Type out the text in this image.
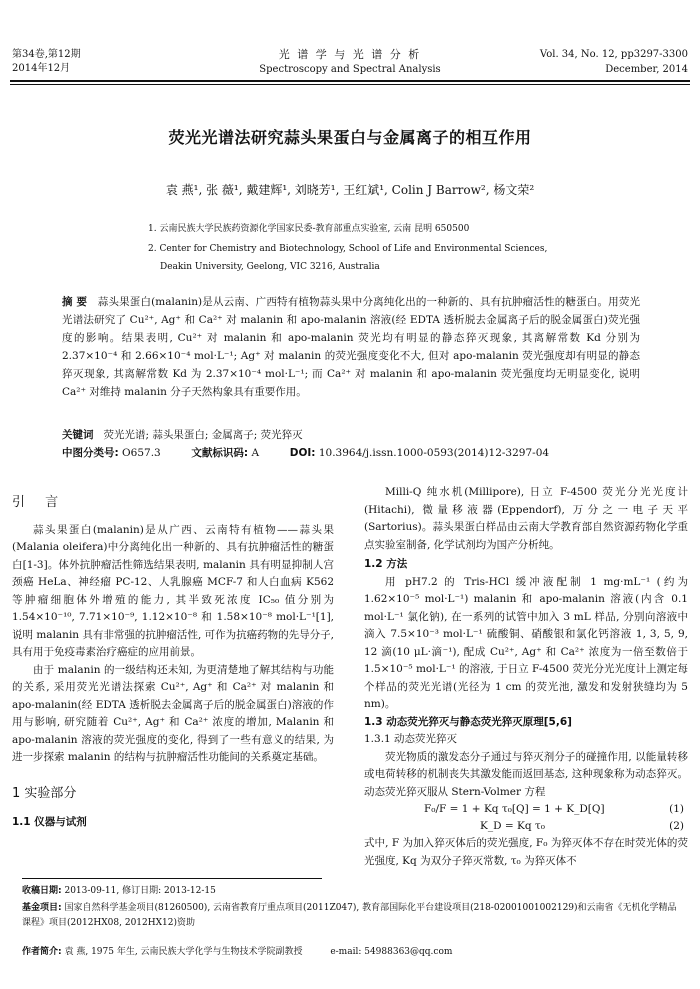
第34卷,第12期
2014年12月
光 谱 学 与 光 谱 分 析
Spectroscopy and Spectral Analysis
Vol. 34, No. 12, pp3297-3300
December, 2014
荧光光谱法研究蒜头果蛋白与金属离子的相互作用
袁 燕¹, 张 薇¹, 戴建辉¹, 刘晓芳¹, 王红斌¹, Colin J Barrow², 杨文荣²
1. 云南民族大学民族药资源化学国家民委-教育部重点实验室, 云南 昆明 650500
2. Center for Chemistry and Biotechnology, School of Life and Environmental Sciences,
Deakin University, Geelong, VIC 3216, Australia
摘 要 蒜头果蛋白(malanin)是从云南、广西特有植物蒜头果中分离纯化出的一种新的、具有抗肿瘤活性的糖蛋白。用荧光光谱法研究了 Cu²⁺, Ag⁺ 和 Ca²⁺ 对 malanin 和 apo-malanin 溶液(经 EDTA 透析脱去金属离子后的脱金属蛋白)荧光强度的影响。结果表明, Cu²⁺ 对 malanin 和 apo-malanin 荧光均有明显的静态猝灭现象, 其离解常数 Kd 分别为 2.37×10⁻⁴ 和 2.66×10⁻⁴ mol·L⁻¹; Ag⁺ 对 malanin 的荧光强度变化不大, 但对 apo-malanin 荧光强度却有明显的静态猝灭现象, 其离解常数 Kd 为 2.37×10⁻⁴ mol·L⁻¹; 而 Ca²⁺ 对 malanin 和 apo-malanin 荧光强度均无明显变化, 说明 Ca²⁺ 对维持 malanin 分子天然构象具有重要作用。
关键词 荧光光谱; 蒜头果蛋白; 金属离子; 荧光猝灭
中图分类号: O657.3	文献标识码: A	DOI: 10.3964/j.issn.1000-0593(2014)12-3297-04
引 言

蒜头果蛋白(malanin)是从广西、云南特有植物——蒜头果(Malania oleifera)中分离纯化出一种新的、具有抗肿瘤活性的糖蛋白[1-3]。体外抗肿瘤活性筛选结果表明, malanin 具有明显抑制人宫颈癌 HeLa、神经瘤 PC-12、人乳腺癌 MCF-7 和人白血病 K562 等肿瘤细胞体外增殖的能力, 其半致死浓度 IC₅₀ 值分别为 1.54×10⁻¹⁰, 7.71×10⁻⁹, 1.12×10⁻⁸ 和 1.58×10⁻⁸ mol·L⁻¹[1], 说明 malanin 具有非常强的抗肿瘤活性, 可作为抗癌药物的先导分子, 具有用于免疫毒素治疗癌症的应用前景。

由于 malanin 的一级结构还未知, 为更清楚地了解其结构与功能的关系, 采用荧光光谱法探索 Cu²⁺, Ag⁺ 和 Ca²⁺ 对 malanin 和 apo-malanin(经 EDTA 透析脱去金属离子后的脱金属蛋白)溶液的作用与影响, 研究随着 Cu²⁺, Ag⁺ 和 Ca²⁺ 浓度的增加, Malanin 和 apo-malanin 溶液的荧光强度的变化, 得到了一些有意义的结果, 为进一步探索 malanin 的结构与抗肿瘤活性功能间的关系奠定基础。

1 实验部分
1.1 仪器与试剂

Milli-Q 纯水机(Millipore), 日立 F-4500 荧光分光光度计(Hitachi), 微量移液器(Eppendorf), 万分之一电子天平(Sartorius)。蒜头果蛋白样品由云南大学教育部自然资源药物化学重点实验室制备, 化学试剂均为国产分析纯。

1.2 方法

用 pH7.2 的 Tris-HCl 缓冲液配制 1 mg·mL⁻¹ (约为 1.62×10⁻⁵ mol·L⁻¹) malanin 和 apo-malanin 溶液(内含 0.1 mol·L⁻¹ 氯化钠), 在一系列的试管中加入 3 mL 样品, 分别向溶液中滴入 7.5×10⁻³ mol·L⁻¹ 硫酸铜、硝酸银和氯化钙溶液 1, 3, 5, 9, 12 滴(10 μL·滴⁻¹), 配成 Cu²⁺, Ag⁺ 和 Ca²⁺ 浓度为一倍至数倍于 1.5×10⁻⁵ mol·L⁻¹ 的溶液, 于日立 F-4500 荧光分光光度计上测定每个样品的荧光光谱(光径为 1 cm 的荧光池, 激发和发射狭缝均为 5 nm)。

1.3 动态荧光猝灭与静态荧光猝灭原理[5,6]
1.3.1 动态荧光猝灭

荧光物质的激发态分子通过与猝灭剂分子的碰撞作用, 以能量转移或电荷转移的机制丧失其激发能而返回基态, 这种现象称为动态猝灭。动态荧光猝灭服从 Stern-Volmer 方程

F₀/F = 1 + Kq τ₀[Q] = 1 + K_D[Q]	(1)
K_D = Kq τ₀	(2)

式中, F 为加入猝灭体后的荧光强度, F₀ 为猝灭体不存在时荧光体的荧光强度, Kq 为双分子猝灭常数, τ₀ 为猝灭体不

收稿日期: 2013-09-11, 修订日期: 2013-12-15
基金项目: 国家自然科学基金项目(81260500), 云南省教育厅重点项目(2011Z047), 教育部国际化平台建设项目(218-02001001002129)和云南省《无机化学精品课程》项目(2012HX08, 2012HX12)资助
作者简介: 袁 燕, 1975 年生, 云南民族大学化学与生物技术学院副教授	e-mail: 54988363@qq.com
